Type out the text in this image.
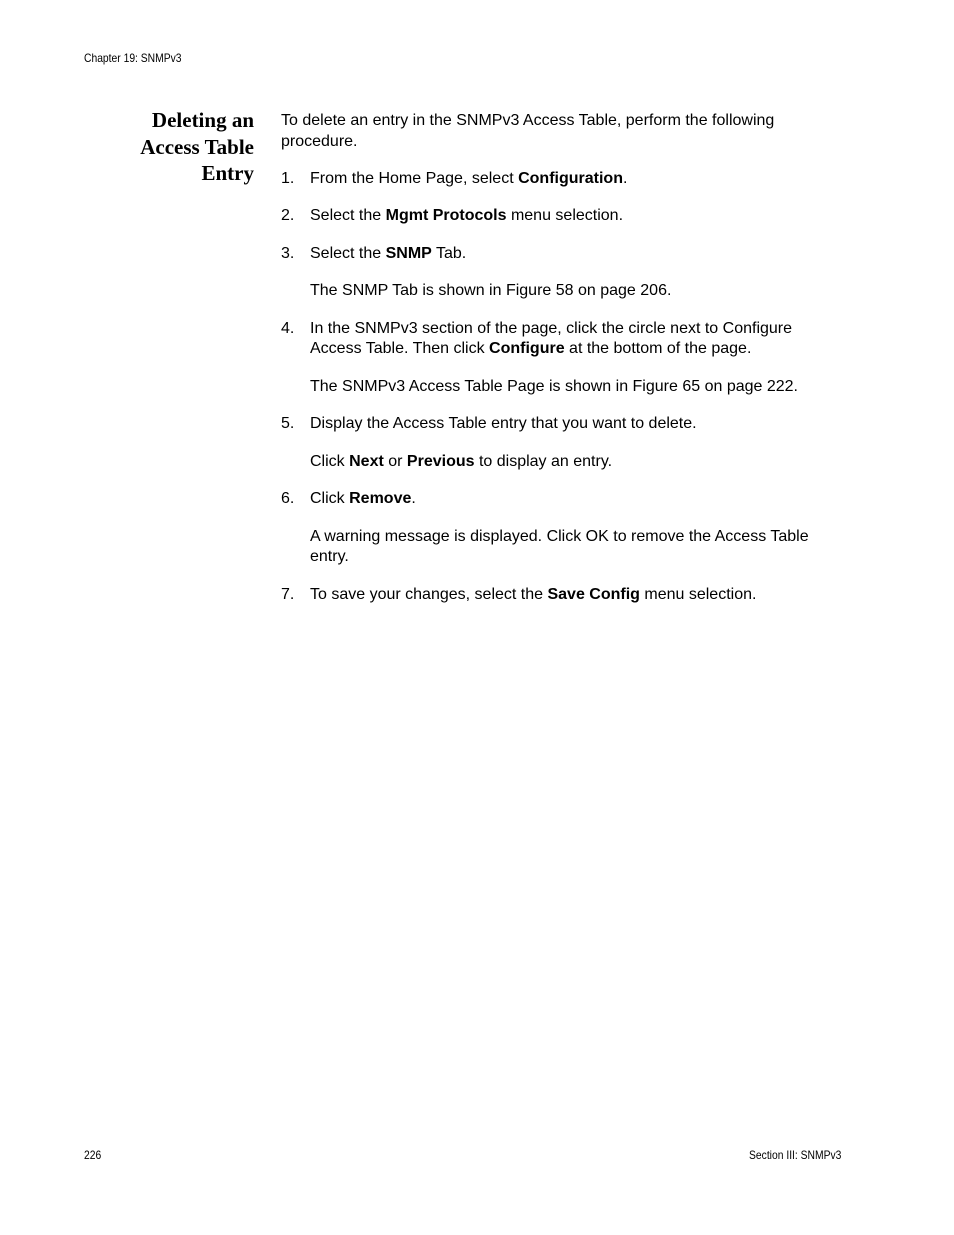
Chapter 19: SNMPv3
Deleting an
Access Table
Entry

To delete an entry in the SNMPv3 Access Table, perform the following procedure.

1. From the Home Page, select Configuration.
2. Select the Mgmt Protocols menu selection.
3. Select the SNMP Tab.

The SNMP Tab is shown in Figure 58 on page 206.

4. In the SNMPv3 section of the page, click the circle next to Configure Access Table. Then click Configure at the bottom of the page.

The SNMPv3 Access Table Page is shown in Figure 65 on page 222.

5. Display the Access Table entry that you want to delete.

Click Next or Previous to display an entry.

6. Click Remove.

A warning message is displayed. Click OK to remove the Access Table entry.

7. To save your changes, select the Save Config menu selection.
226	Section III: SNMPv3
